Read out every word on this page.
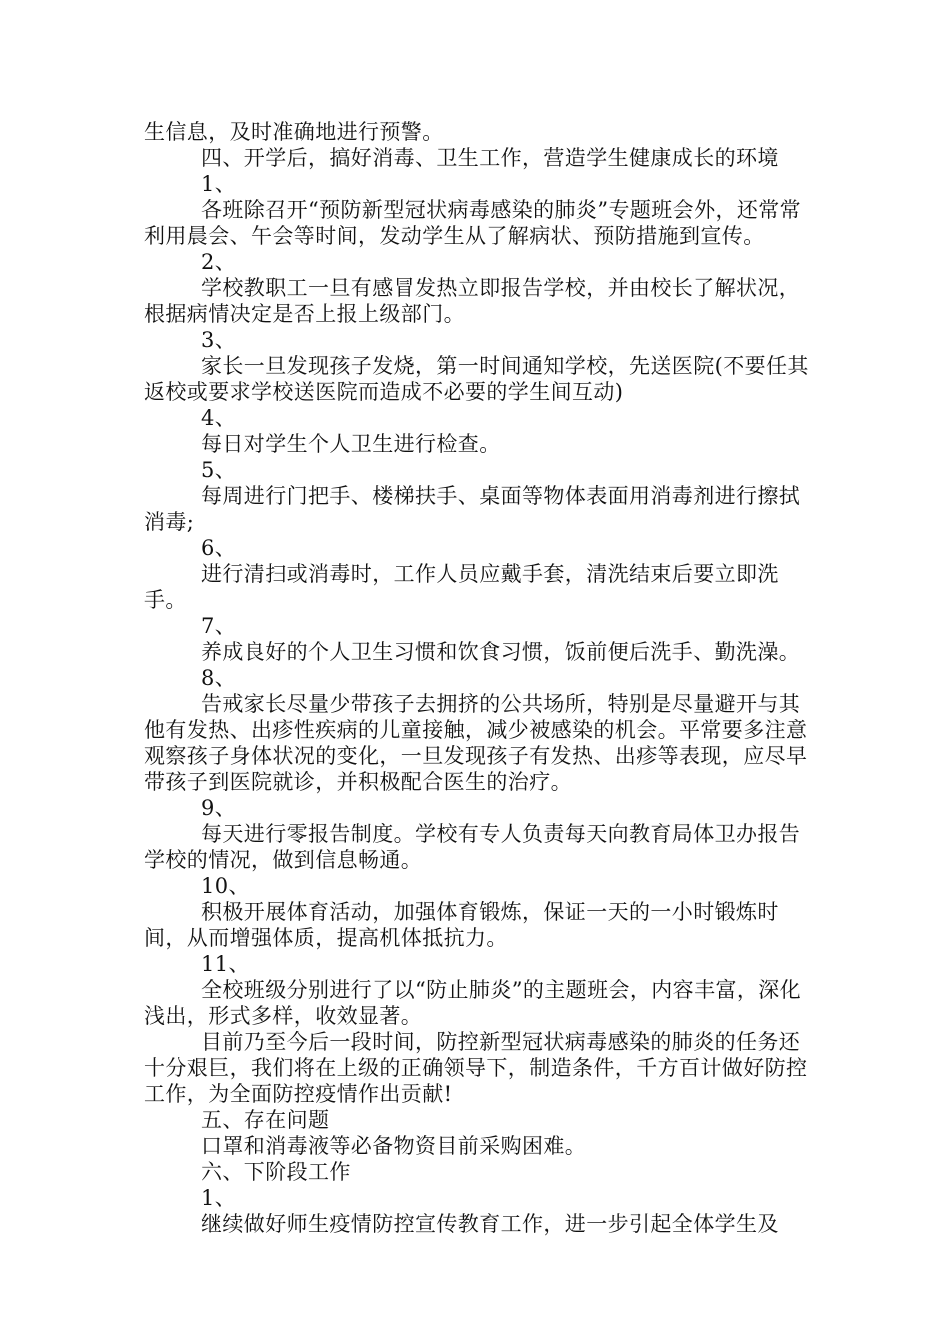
生信息，及时准确地进行预警。

四、开学后，搞好消毒、卫生工作，营造学生健康成长的环境

1、

各班除召开“预防新型冠状病毒感染的肺炎”专题班会外，还常常利用晨会、午会等时间，发动学生从了解病状、预防措施到宣传。

2、

学校教职工一旦有感冒发热立即报告学校，并由校长了解状况，根据病情决定是否上报上级部门。

3、

家长一旦发现孩子发烧，第一时间通知学校，先送医院(不要任其返校或要求学校送医院而造成不必要的学生间互动)

4、

每日对学生个人卫生进行检查。

5、

每周进行门把手、楼梯扶手、桌面等物体表面用消毒剂进行擦拭消毒;

6、

进行清扫或消毒时，工作人员应戴手套，清洗结束后要立即洗手。

7、

养成良好的个人卫生习惯和饮食习惯，饭前便后洗手、勤洗澡。

8、

告戒家长尽量少带孩子去拥挤的公共场所，特别是尽量避开与其他有发热、出疹性疾病的儿童接触，减少被感染的机会。平常要多注意观察孩子身体状况的变化，一旦发现孩子有发热、出疹等表现，应尽早带孩子到医院就诊，并积极配合医生的治疗。

9、

每天进行零报告制度。学校有专人负责每天向教育局体卫办报告学校的情况，做到信息畅通。

10、

积极开展体育活动，加强体育锻炼，保证一天的一小时锻炼时间，从而增强体质，提高机体抵抗力。

11、

全校班级分别进行了以“防止肺炎”的主题班会，内容丰富，深化浅出，形式多样，收效显著。

目前乃至今后一段时间，防控新型冠状病毒感染的肺炎的任务还十分艰巨，我们将在上级的正确领导下，制造条件，千方百计做好防控工作，为全面防控疫情作出贡献!

五、存在问题

口罩和消毒液等必备物资目前采购困难。

六、下阶段工作

1、

继续做好师生疫情防控宣传教育工作，进一步引起全体学生及
